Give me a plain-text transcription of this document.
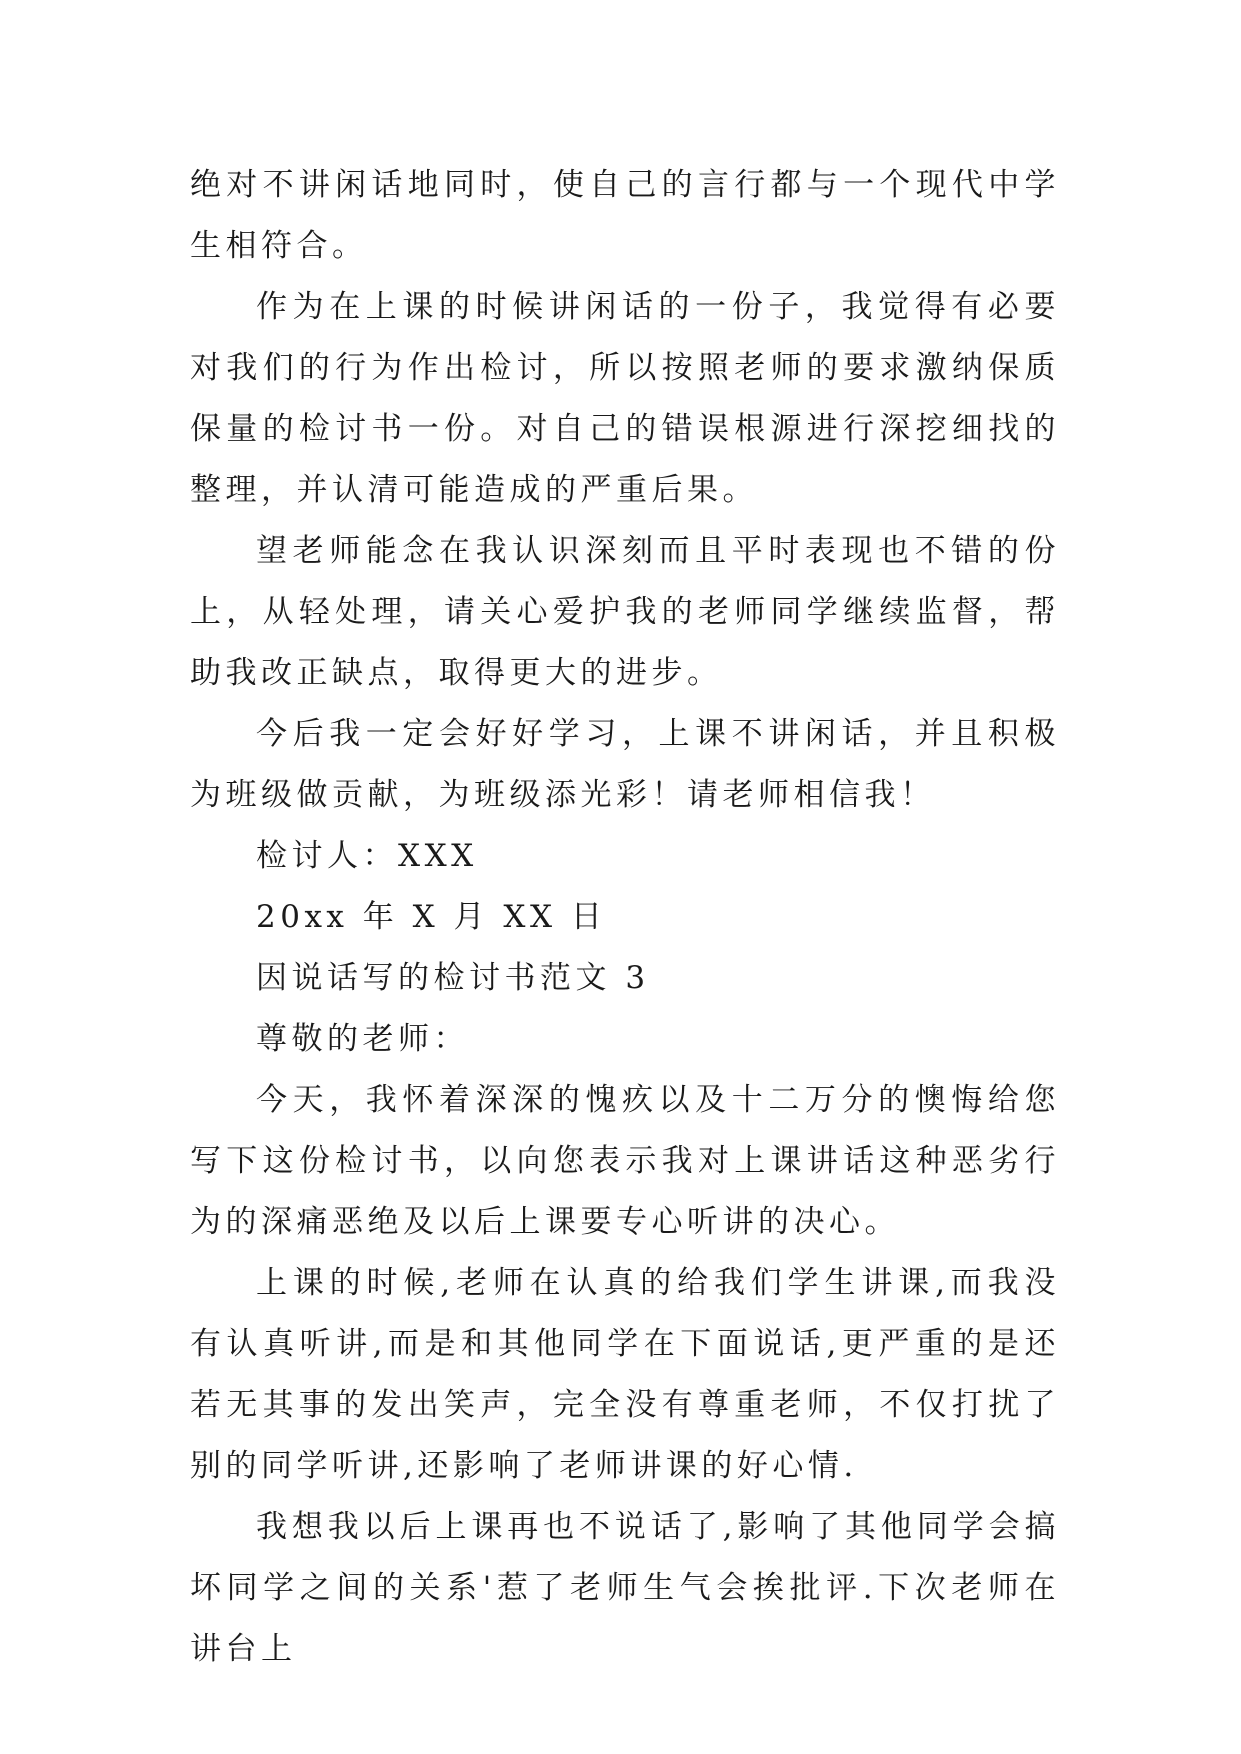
绝对不讲闲话地同时，使自己的言行都与一个现代中学生相符合。

作为在上课的时候讲闲话的一份子，我觉得有必要对我们的行为作出检讨，所以按照老师的要求激纳保质保量的检讨书一份。对自己的错误根源进行深挖细找的整理，并认清可能造成的严重后果。

望老师能念在我认识深刻而且平时表现也不错的份上，从轻处理，请关心爱护我的老师同学继续监督，帮助我改正缺点，取得更大的进步。

今后我一定会好好学习，上课不讲闲话，并且积极为班级做贡献，为班级添光彩！请老师相信我！

检讨人：XXX

20xx 年 X 月 XX 日

因说话写的检讨书范文 3

尊敬的老师：

今天，我怀着深深的愧疚以及十二万分的懊悔给您写下这份检讨书，以向您表示我对上课讲话这种恶劣行为的深痛恶绝及以后上课要专心听讲的决心。

上课的时候,老师在认真的给我们学生讲课,而我没有认真听讲,而是和其他同学在下面说话,更严重的是还若无其事的发出笑声，完全没有尊重老师，不仅打扰了别的同学听讲,还影响了老师讲课的好心情.

我想我以后上课再也不说话了,影响了其他同学会搞坏同学之间的关系'惹了老师生气会挨批评.下次老师在讲台上
